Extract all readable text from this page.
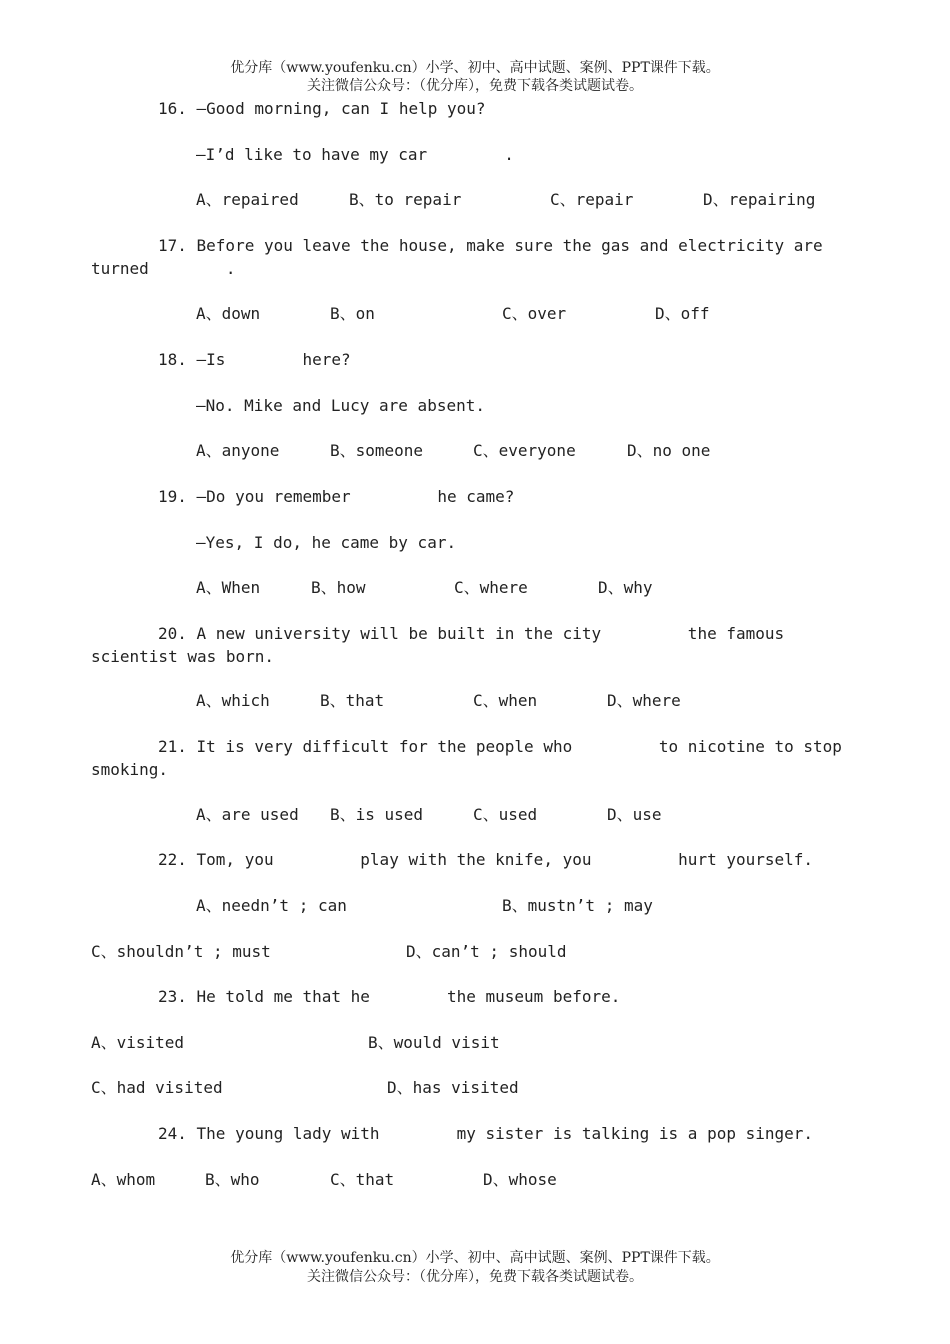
优分库（www.youfenku.cn）小学、初中、高中试题、案例、PPT课件下载。
关注微信公众号：（优分库），免费下载各类试题试卷。
16. —Good morning, can I help you?
—I’d like to have my car        .
A、repaired	B、to repair	C、repair	D、repairing
17. Before you leave the house, make sure the gas and electricity are
turned        .
A、down	B、on	C、over	D、off
18. —Is        here?
—No. Mike and Lucy are absent.
A、anyone	B、someone	C、everyone	D、no one
19. —Do you remember         he came?
—Yes, I do, he came by car.
A、When	B、how	C、where	D、why
20. A new university will be built in the city         the famous
scientist was born.
A、which	B、that	C、when	D、where
21. It is very difficult for the people who         to nicotine to stop
smoking.
A、are used B、is used	C、used	D、use
22. Tom, you         play with the knife, you         hurt yourself.
A、needn’t ; can	B、mustn’t ; may
C、shouldn’t ; must	D、can’t ; should
23. He told me that he        the museum before.
A、visited	B、would visit
C、had visited	D、has visited
24. The young lady with        my sister is talking is a pop singer.
A、whom	B、who	C、that	D、whose
优分库（www.youfenku.cn）小学、初中、高中试题、案例、PPT课件下载。
关注微信公众号：（优分库），免费下载各类试题试卷。
